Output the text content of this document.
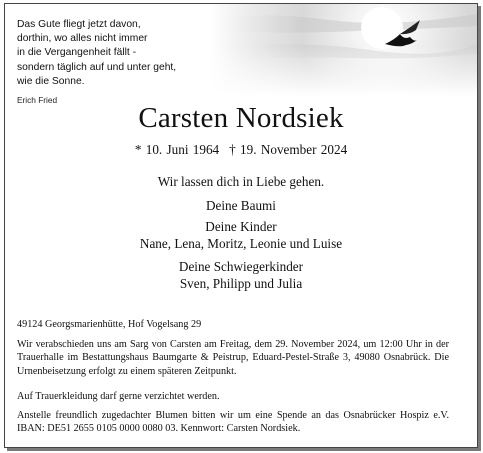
Das Gute fliegt jetzt davon,
dorthin, wo alles nicht immer
in die Vergangenheit fällt -
sondern täglich auf und unter geht,
wie die Sonne.
Erich Fried
Carsten Nordsiek
* 10. Juni 1964 † 19. November 2024
Wir lassen dich in Liebe gehen.
Deine Baumi
Deine Kinder
Nane, Lena, Moritz, Leonie und Luise
Deine Schwiegerkinder
Sven, Philipp und Julia
49124 Georgsmarienhütte, Hof Vogelsang 29
Wir verabschieden uns am Sarg von Carsten am Freitag, dem 29. November 2024, um 12:00 Uhr in der Trauerhalle im Bestattungshaus Baumgarte & Peistrup, Eduard-Pestel-Straße 3, 49080 Osnabrück. Die Urnenbeisetzung erfolgt zu einem späteren Zeitpunkt.
Auf Trauerkleidung darf gerne verzichtet werden.
Anstelle freundlich zugedachter Blumen bitten wir um eine Spende an das Osnabrücker Hospiz e.V. IBAN: DE51 2655 0105 0000 0080 03. Kennwort: Carsten Nordsiek.
